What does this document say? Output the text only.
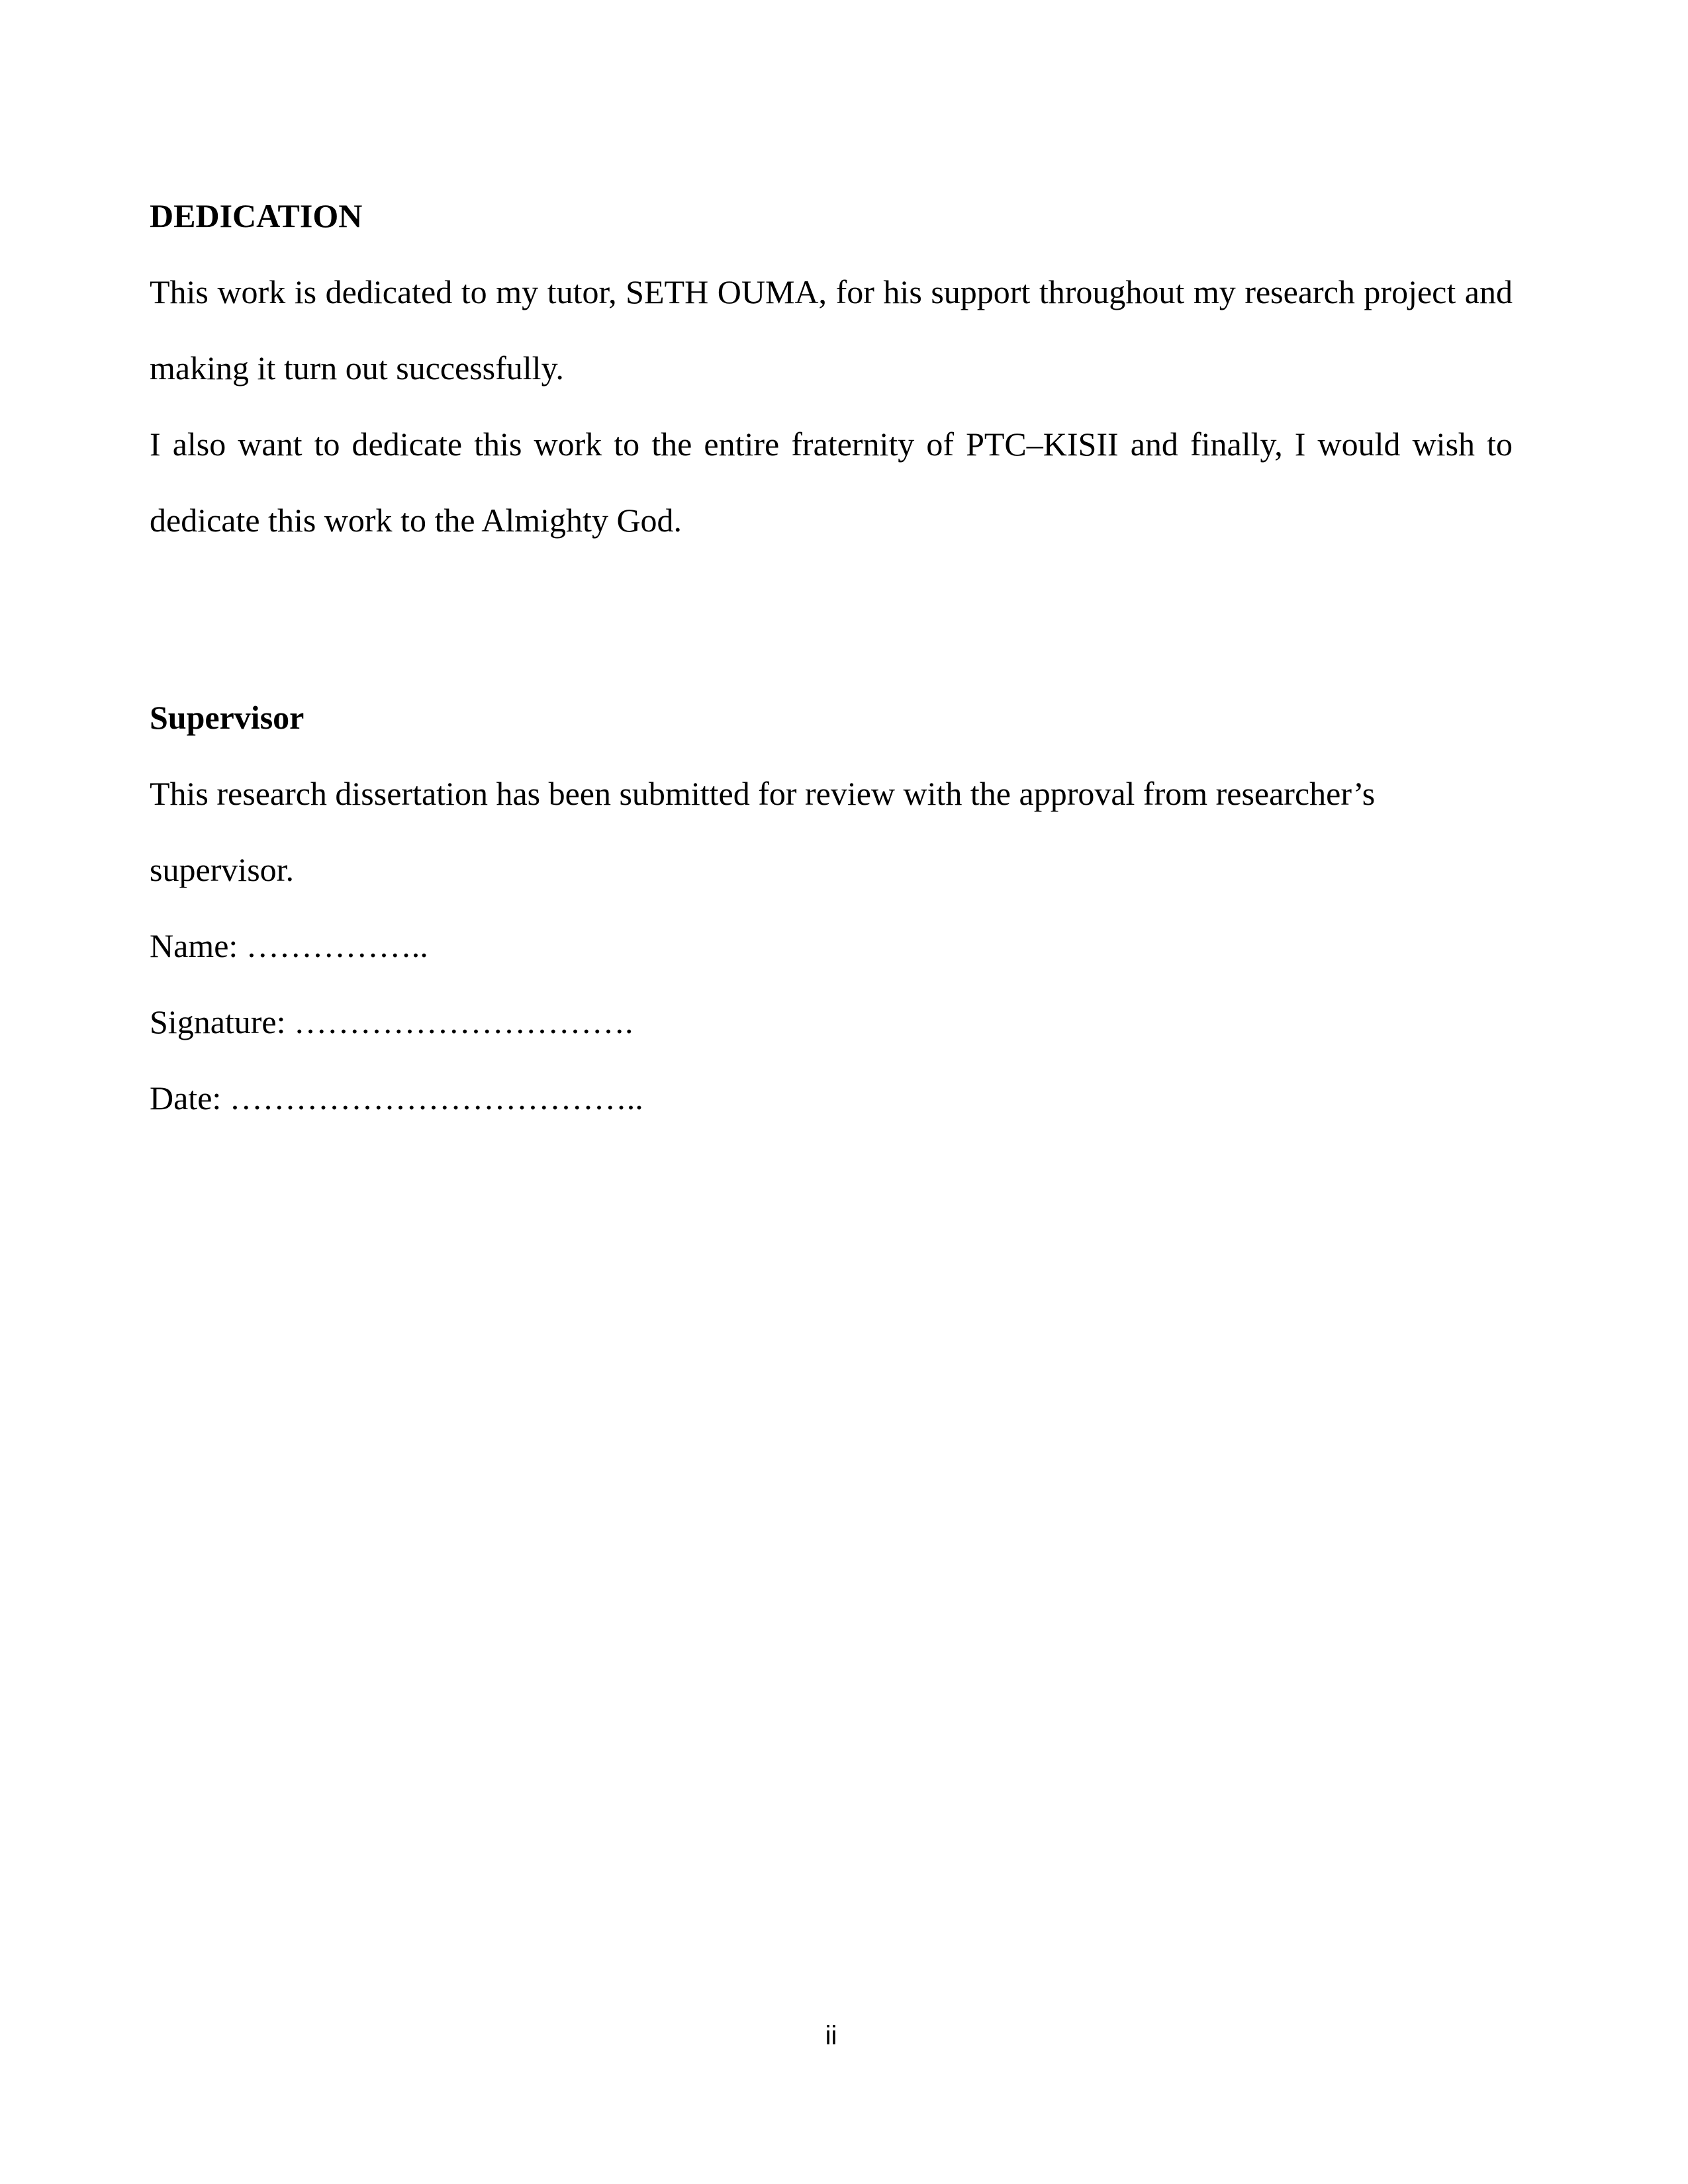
DEDICATION
This work is dedicated to my tutor, SETH OUMA, for his support throughout my research project and
making it turn out successfully.
I also want to dedicate this work to the entire fraternity of PTC–KISII and finally, I would wish to
dedicate this work to the Almighty God.
Supervisor
This research dissertation has been submitted for review with the approval from researcher’s
supervisor.
Name: ……………..
Signature: ………………………….
Date: ………………………………..
ii
